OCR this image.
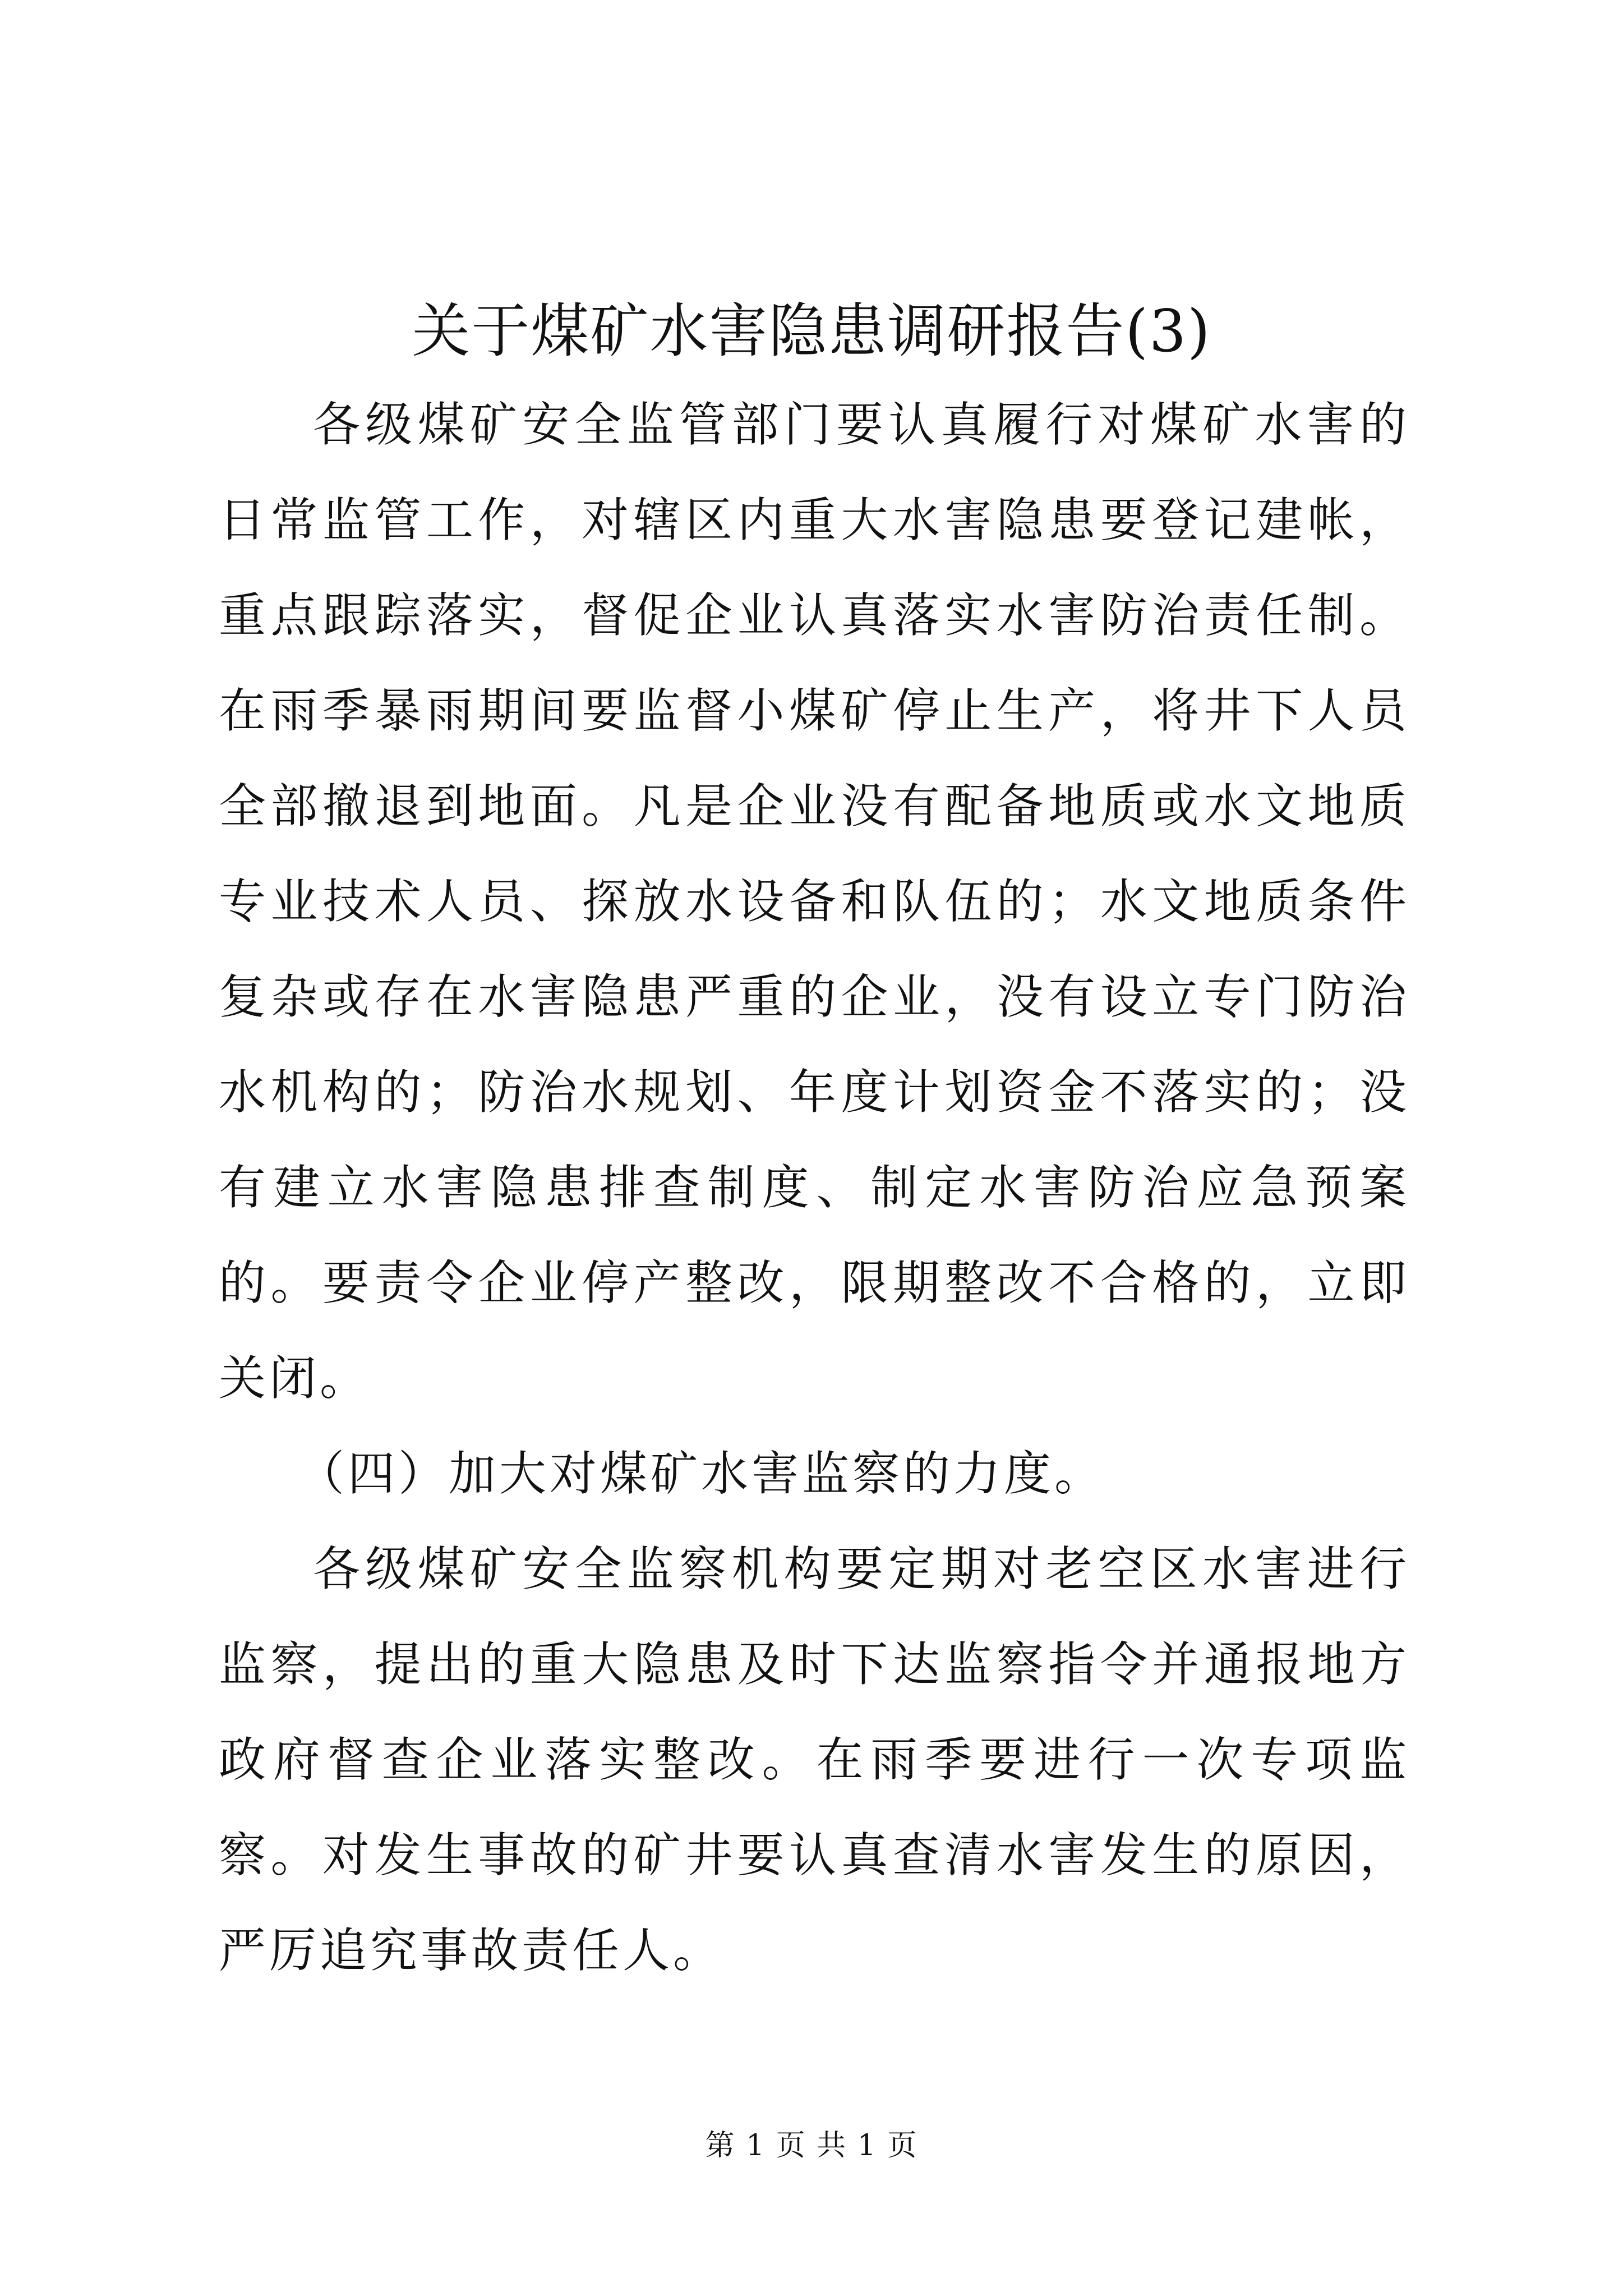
关于煤矿水害隐患调研报告(3)

各级煤矿安全监管部门要认真履行对煤矿水害的日常监管工作，对辖区内重大水害隐患要登记建帐，重点跟踪落实，督促企业认真落实水害防治责任制。在雨季暴雨期间要监督小煤矿停止生产，将井下人员全部撤退到地面。凡是企业没有配备地质或水文地质专业技术人员、探放水设备和队伍的；水文地质条件复杂或存在水害隐患严重的企业，没有设立专门防治水机构的；防治水规划、年度计划资金不落实的；没有建立水害隐患排查制度、制定水害防治应急预案的。要责令企业停产整改，限期整改不合格的，立即关闭。

（四）加大对煤矿水害监察的力度。

各级煤矿安全监察机构要定期对老空区水害进行监察，提出的重大隐患及时下达监察指令并通报地方政府督查企业落实整改。在雨季要进行一次专项监察。对发生事故的矿井要认真查清水害发生的原因，严厉追究事故责任人。

第 1 页 共 1 页
